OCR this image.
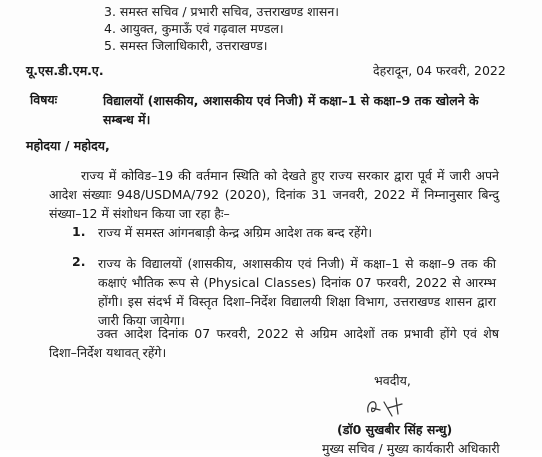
3. समस्त सचिव / प्रभारी सचिव, उत्तराखण्ड शासन।
4. आयुक्त, कुमाऊँ एवं गढ़वाल मण्डल।
5. समस्त जिलाधिकारी, उत्तराखण्ड।
यू.एस.डी.एम.ए.	देहरादून, 04 फरवरी, 2022
विषयः	विद्यालयों (शासकीय, अशासकीय एवं निजी) में कक्षा–1 से कक्षा–9 तक खोलने के सम्बन्ध में।
महोदया / महोदय,
राज्य में कोविड–19 की वर्तमान स्थिति को देखते हुए राज्य सरकार द्वारा पूर्व में जारी अपने आदेश संख्याः 948/USDMA/792 (2020), दिनांक 31 जनवरी, 2022 में निम्नानुसार बिन्दु संख्या–12 में संशोधन किया जा रहा हैः–
1. राज्य में समस्त आंगनबाड़ी केन्द्र अग्रिम आदेश तक बन्द रहेंगे।
2. राज्य के विद्यालयों (शासकीय, अशासकीय एवं निजी) में कक्षा–1 से कक्षा–9 तक की कक्षाएं भौतिक रूप से (Physical Classes) दिनांक 07 फरवरी, 2022 से आरम्भ होंगी। इस संदर्भ में विस्तृत दिशा–निर्देश विद्यालयी शिक्षा विभाग, उत्तराखण्ड शासन द्वारा जारी किया जायेगा।
उक्त आदेश दिनांक 07 फरवरी, 2022 से अग्रिम आदेशों तक प्रभावी होंगे एवं शेष दिशा–निर्देश यथावत् रहेंगे।
भवदीय,
(डॉ0 सुखबीर सिंह सन्धु)
मुख्य सचिव / मुख्य कार्यकारी अधिकारी
